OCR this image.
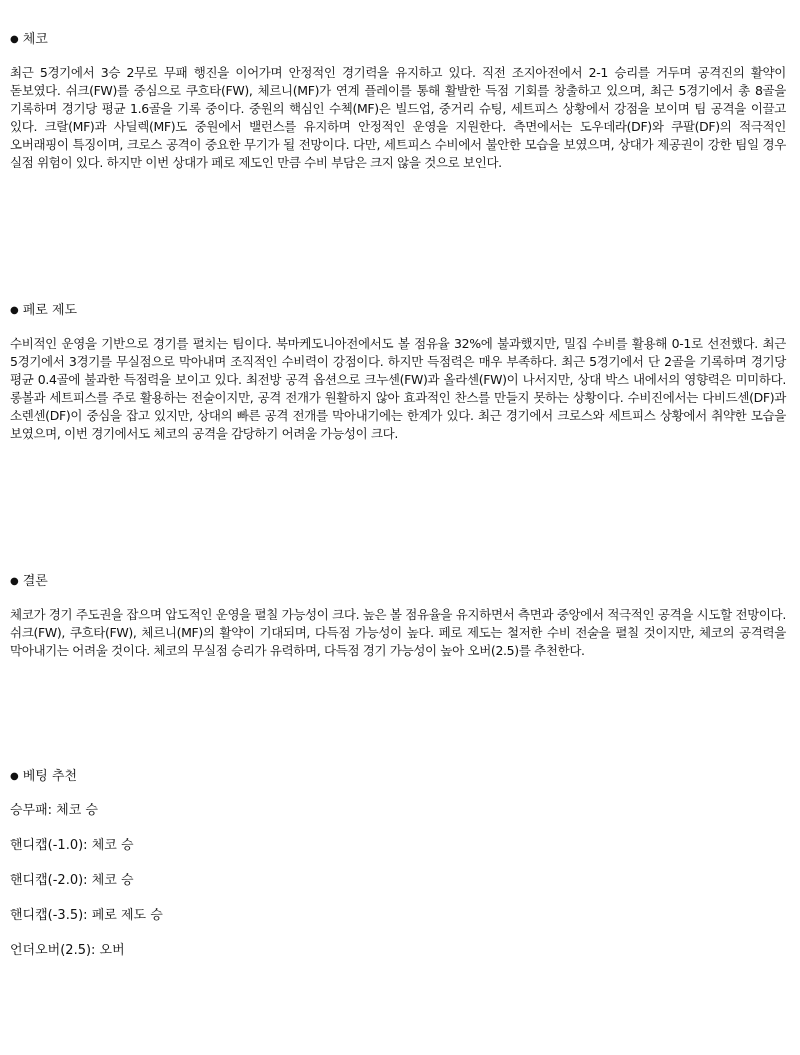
● 체코
최근 5경기에서 3승 2무로 무패 행진을 이어가며 안정적인 경기력을 유지하고 있다. 직전 조지아전에서 2-1 승리를 거두며 공격진의 활약이 돋보였다. 쉬크(FW)를 중심으로 쿠흐타(FW), 체르니(MF)가 연계 플레이를 통해 활발한 득점 기회를 창출하고 있으며, 최근 5경기에서 총 8골을 기록하며 경기당 평균 1.6골을 기록 중이다. 중원의 핵심인 수첵(MF)은 빌드업, 중거리 슈팅, 세트피스 상황에서 강점을 보이며 팀 공격을 이끌고 있다. 크랄(MF)과 사딜렉(MF)도 중원에서 밸런스를 유지하며 안정적인 운영을 지원한다. 측면에서는 도우데라(DF)와 쿠팔(DF)의 적극적인 오버래핑이 특징이며, 크로스 공격이 중요한 무기가 될 전망이다. 다만, 세트피스 수비에서 불안한 모습을 보였으며, 상대가 제공권이 강한 팀일 경우 실점 위험이 있다. 하지만 이번 상대가 페로 제도인 만큼 수비 부담은 크지 않을 것으로 보인다.
● 페로 제도
수비적인 운영을 기반으로 경기를 펼치는 팀이다. 북마케도니아전에서도 볼 점유율 32%에 불과했지만, 밀집 수비를 활용해 0-1로 선전했다. 최근 5경기에서 3경기를 무실점으로 막아내며 조직적인 수비력이 강점이다. 하지만 득점력은 매우 부족하다. 최근 5경기에서 단 2골을 기록하며 경기당 평균 0.4골에 불과한 득점력을 보이고 있다. 최전방 공격 옵션으로 크누센(FW)과 올라센(FW)이 나서지만, 상대 박스 내에서의 영향력은 미미하다. 롱볼과 세트피스를 주로 활용하는 전술이지만, 공격 전개가 원활하지 않아 효과적인 찬스를 만들지 못하는 상황이다. 수비진에서는 다비드센(DF)과 소렌센(DF)이 중심을 잡고 있지만, 상대의 빠른 공격 전개를 막아내기에는 한계가 있다. 최근 경기에서 크로스와 세트피스 상황에서 취약한 모습을 보였으며, 이번 경기에서도 체코의 공격을 감당하기 어려울 가능성이 크다.
● 결론
체코가 경기 주도권을 잡으며 압도적인 운영을 펼칠 가능성이 크다. 높은 볼 점유율을 유지하면서 측면과 중앙에서 적극적인 공격을 시도할 전망이다. 쉬크(FW), 쿠흐타(FW), 체르니(MF)의 활약이 기대되며, 다득점 가능성이 높다. 페로 제도는 철저한 수비 전술을 펼칠 것이지만, 체코의 공격력을 막아내기는 어려울 것이다. 체코의 무실점 승리가 유력하며, 다득점 경기 가능성이 높아 오버(2.5)를 추천한다.
● 베팅 추천
승무패: 체코 승
핸디캡(-1.0): 체코 승
핸디캡(-2.0): 체코 승
핸디캡(-3.5): 페로 제도 승
언더오버(2.5): 오버
